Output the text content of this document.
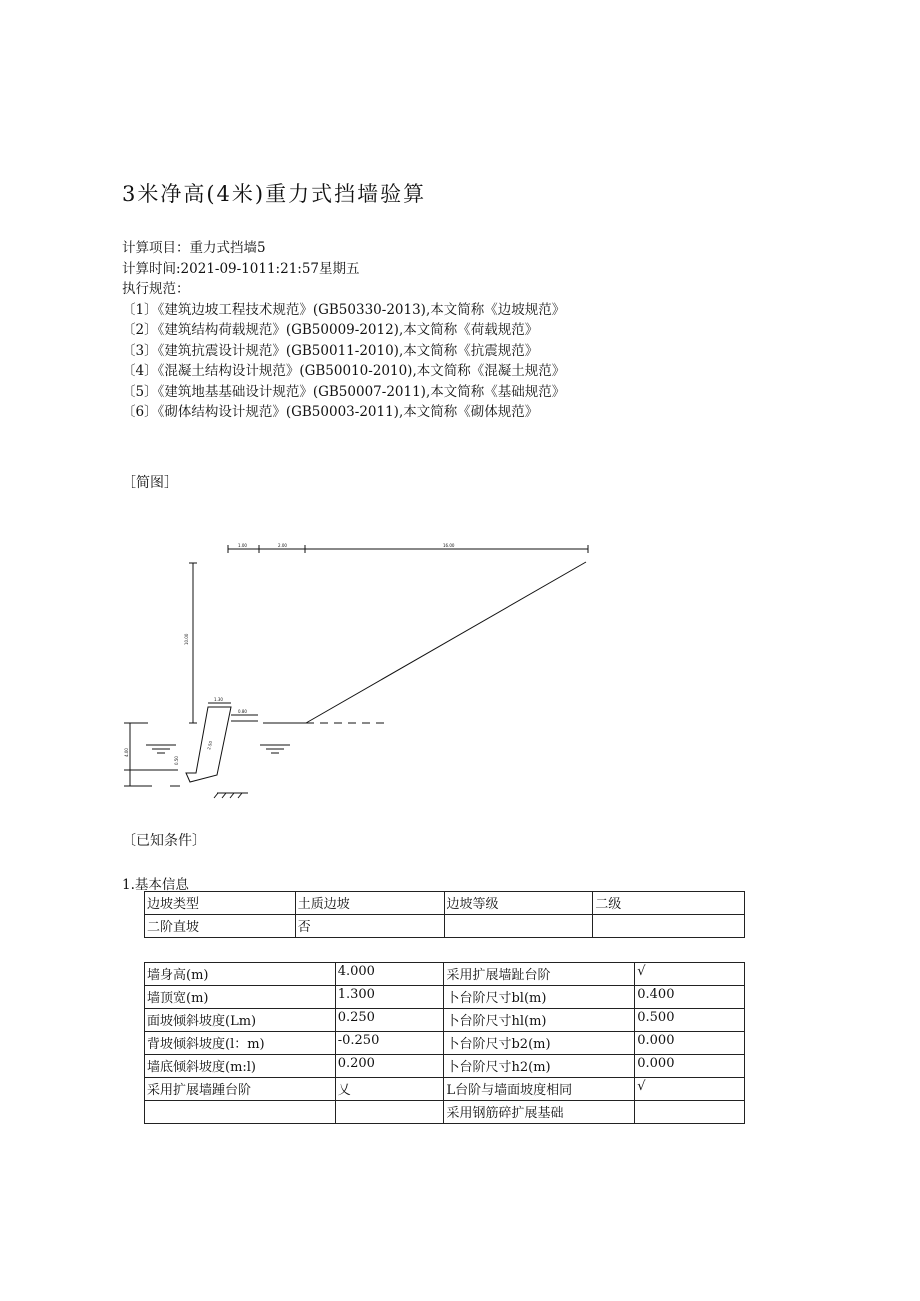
3米净高(4米)重力式挡墙验算
计算项目：重力式挡墙5
计算时间:2021-09-1011:21:57星期五
执行规范：
〔1〕《建筑边坡工程技术规范》(GB50330-2013),本文简称《边坡规范》
〔2〕《建筑结构荷载规范》(GB50009-2012),本文简称《荷载规范》
〔3〕《建筑抗震设计规范》(GB50011-2010),本文简称《抗震规范》
〔4〕《混凝土结构设计规范》(GB50010-2010),本文简称《混凝土规范》
〔5〕《建筑地基基础设计规范》(GB50007-2011),本文简称《基础规范》
〔6〕《砌体结构设计规范》(GB50003-2011),本文简称《砌体规范》
［简图］
1.00	2.00	16.00
10.00
1.30
0.80
4.00
2.50
0.50
〔已知条件〕
1.基本信息
边坡类型	土质边坡	边坡等级	二级
二阶直坡	否		
墙身高(m)	4.000	采用扩展墙趾台阶	√
墙顶宽(m)	1.300	卜台阶尺寸bl(m)	0.400
面坡倾斜坡度(Lm)	0.250	卜台阶尺寸hl(m)	0.500
背坡倾斜坡度(l：m)	-0.250	卜台阶尺寸b2(m)	0.000
墙底倾斜坡度(m:l)	0.200	卜台阶尺寸h2(m)	0.000
采用扩展墙踵台阶	乂	L台阶与墙面坡度相同	√
		采用钢筋碎扩展基础	
